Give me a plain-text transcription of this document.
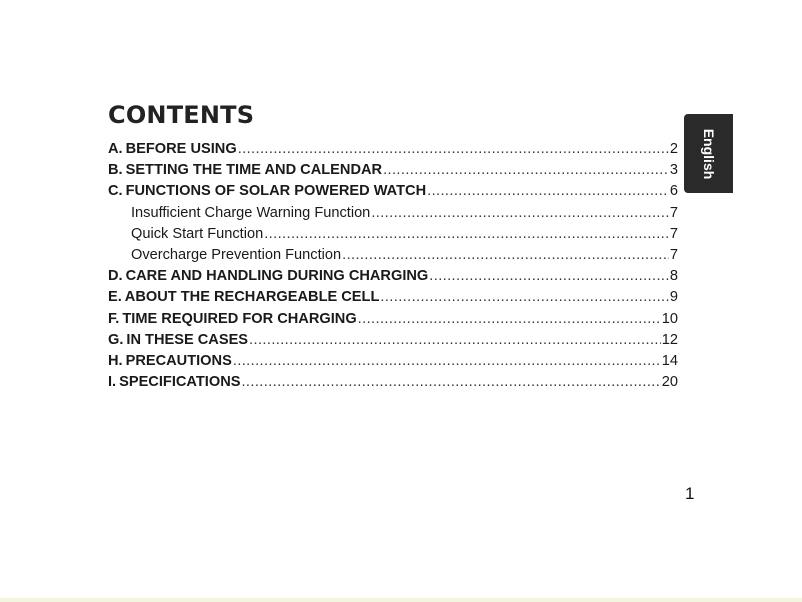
CONTENTS
A. BEFORE USING .....	2
B. SETTING THE TIME AND CALENDAR .....	3
C. FUNCTIONS OF SOLAR POWERED WATCH .....	6
Insufficient Charge Warning Function .....	7
Quick Start Function .....	7
Overcharge Prevention Function .....	7
D. CARE AND HANDLING DURING CHARGING .....	8
E. ABOUT THE RECHARGEABLE CELL .....	9
F. TIME REQUIRED FOR CHARGING .....	10
G. IN THESE CASES .....	12
H. PRECAUTIONS .....	14
I. SPECIFICATIONS .....	20
English
1
